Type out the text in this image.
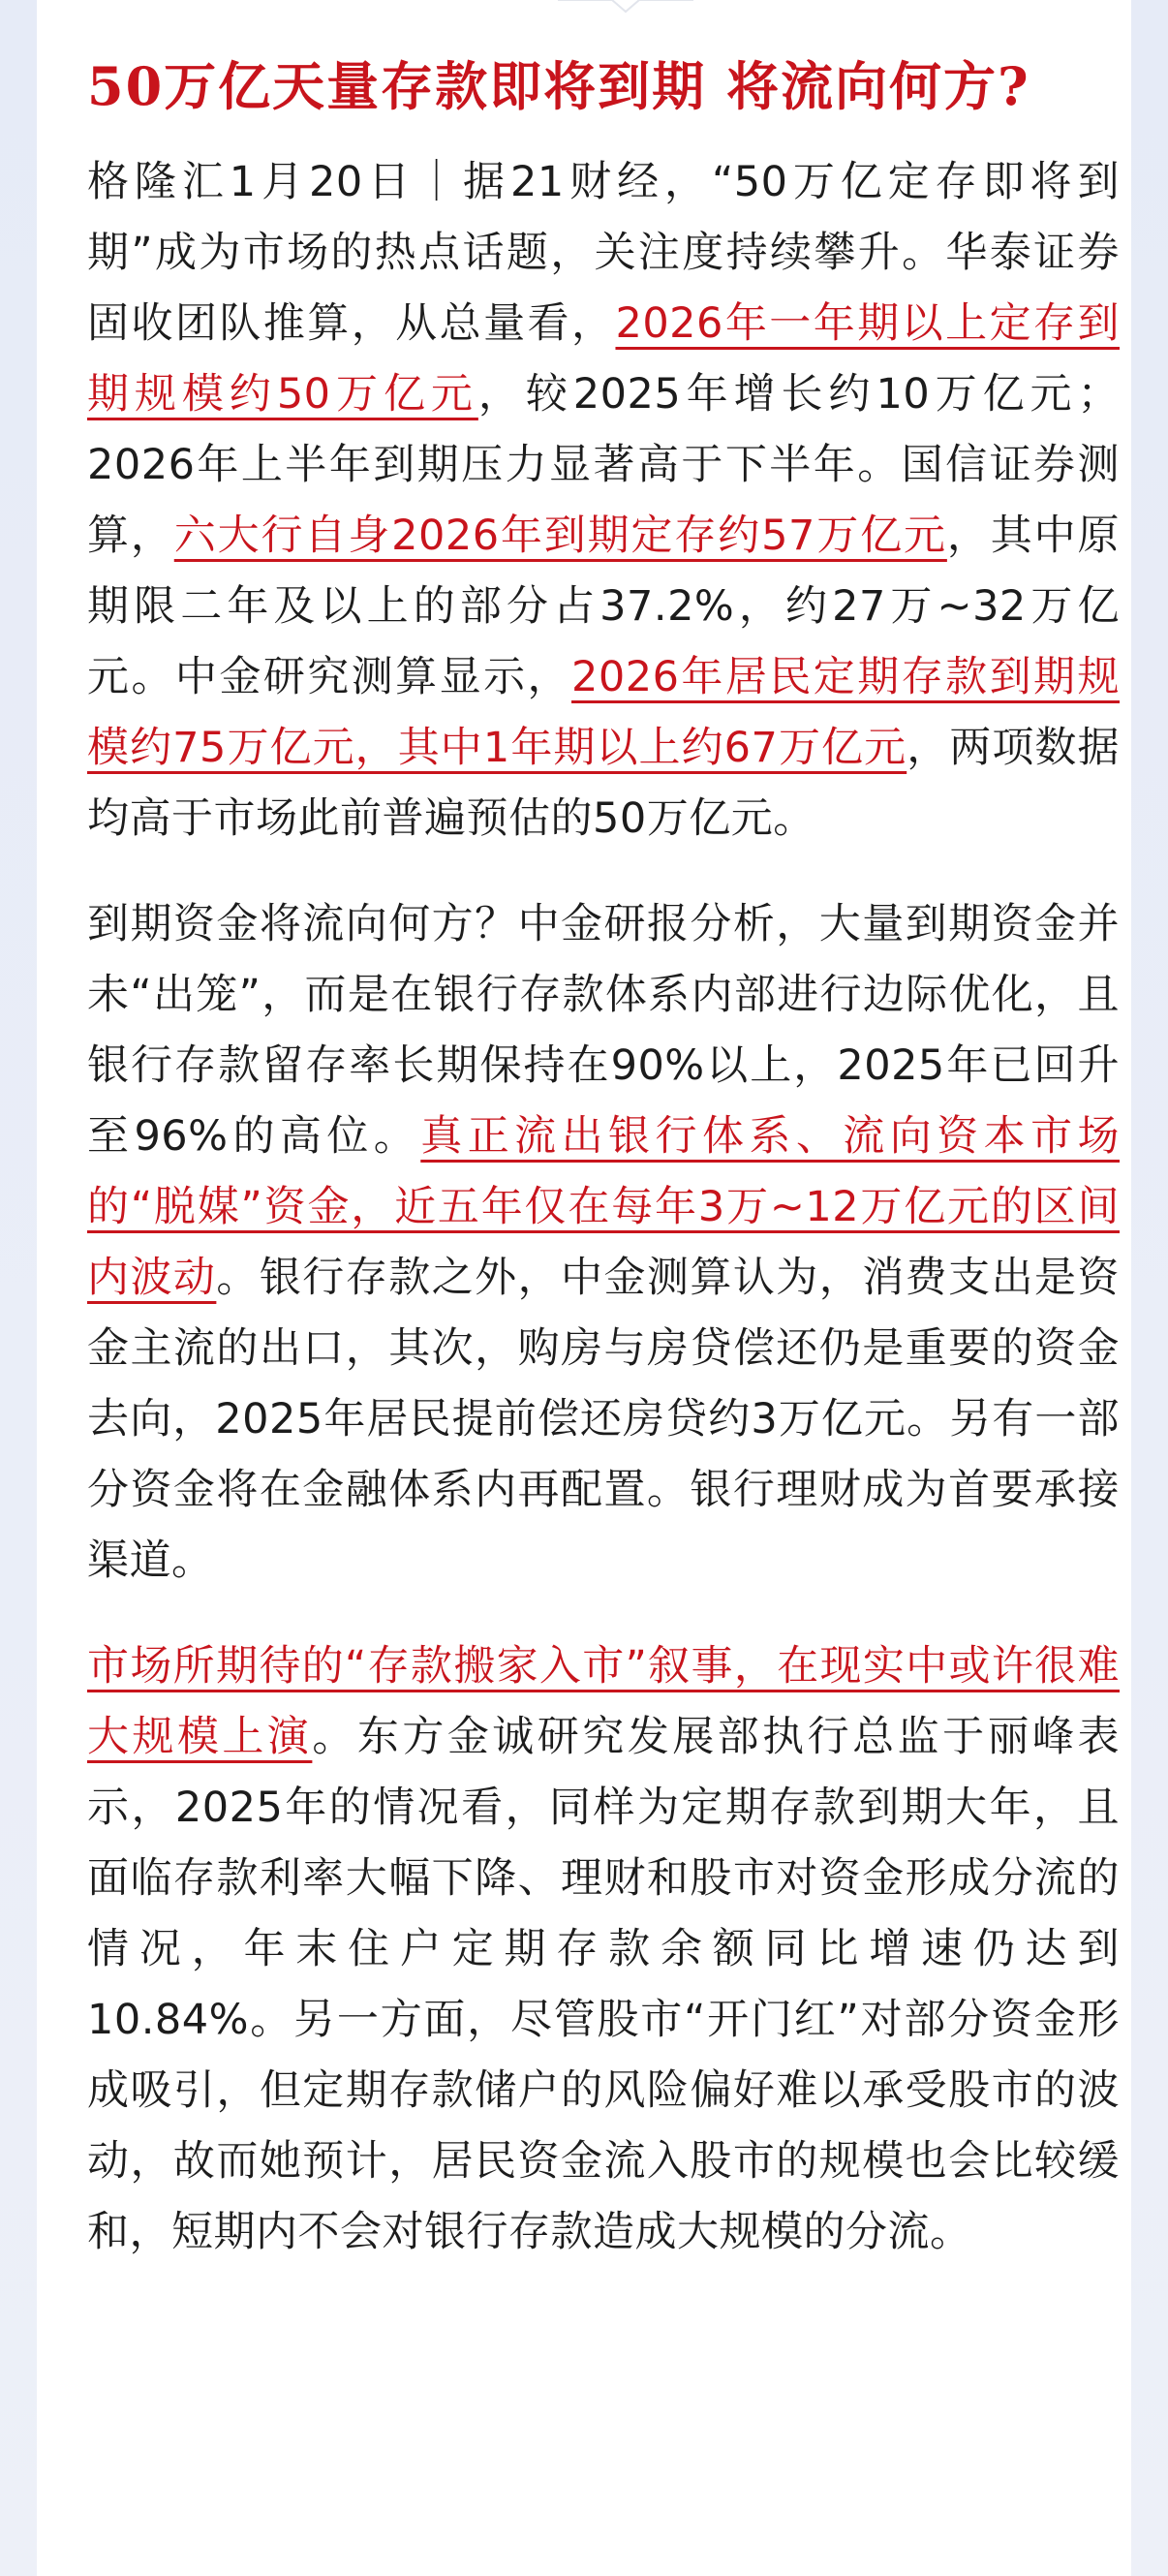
50万亿天量存款即将到期 将流向何方?

格隆汇1月20日｜据21财经，“50万亿定存即将到期”成为市场的热点话题，关注度持续攀升。华泰证券固收团队推算，从总量看，2026年一年期以上定存到期规模约50万亿元，较2025年增长约10万亿元；2026年上半年到期压力显著高于下半年。国信证券测算，六大行自身2026年到期定存约57万亿元，其中原期限二年及以上的部分占37.2%，约27万~32万亿元。中金研究测算显示，2026年居民定期存款到期规模约75万亿元，其中1年期以上约67万亿元，两项数据均高于市场此前普遍预估的50万亿元。

到期资金将流向何方？中金研报分析，大量到期资金并未“出笼”，而是在银行存款体系内部进行边际优化，且银行存款留存率长期保持在90%以上，2025年已回升至96%的高位。真正流出银行体系、流向资本市场的“脱媒”资金，近五年仅在每年3万~12万亿元的区间内波动。银行存款之外，中金测算认为，消费支出是资金主流的出口，其次，购房与房贷偿还仍是重要的资金去向，2025年居民提前偿还房贷约3万亿元。另有一部分资金将在金融体系内再配置。银行理财成为首要承接渠道。

市场所期待的“存款搬家入市”叙事，在现实中或许很难大规模上演。东方金诚研究发展部执行总监于丽峰表示，2025年的情况看，同样为定期存款到期大年，且面临存款利率大幅下降、理财和股市对资金形成分流的情况，年末住户定期存款余额同比增速仍达到10.84%。另一方面，尽管股市“开门红”对部分资金形成吸引，但定期存款储户的风险偏好难以承受股市的波动，故而她预计，居民资金流入股市的规模也会比较缓和，短期内不会对银行存款造成大规模的分流。
